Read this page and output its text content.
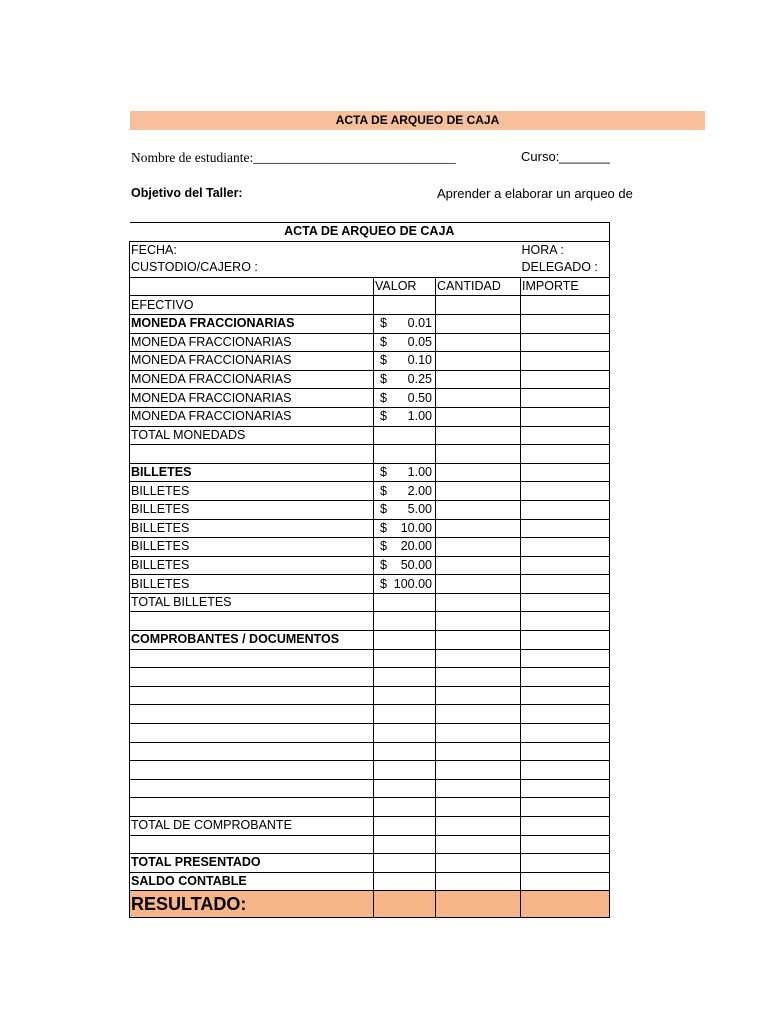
ACTA DE ARQUEO DE CAJA
Nombre de estudiante:______________________________	Curso:_______
Objetivo del Taller:	Aprender a elaborar un arqueo de
ACTA DE ARQUEO DE CAJA			
FECHA:			HORA :
CUSTODIO/CAJERO :			DELEGADO :
	VALOR	CANTIDAD	IMPORTE
EFECTIVO			
MONEDA FRACCIONARIAS	$ 0.01		

MONEDA FRACCIONARIAS	$ 0.05		

MONEDA FRACCIONARIAS	$ 0.10		

MONEDA FRACCIONARIAS	$ 0.25		

MONEDA FRACCIONARIAS	$ 0.50		

MONEDA FRACCIONARIAS	$ 1.00		

TOTAL MONEDADS			

BILLETES	$ 1.00		

BILLETES	$ 2.00		

BILLETES	$ 5.00		

BILLETES	$ 10.00		

BILLETES	$ 20.00		

BILLETES	$ 50.00		

BILLETES	$ 100.00		

TOTAL BILLETES			

COMPROBANTES / DOCUMENTOS			

TOTAL DE COMPROBANTE			

TOTAL PRESENTADO			
SALDO CONTABLE			
RESULTADO:			
